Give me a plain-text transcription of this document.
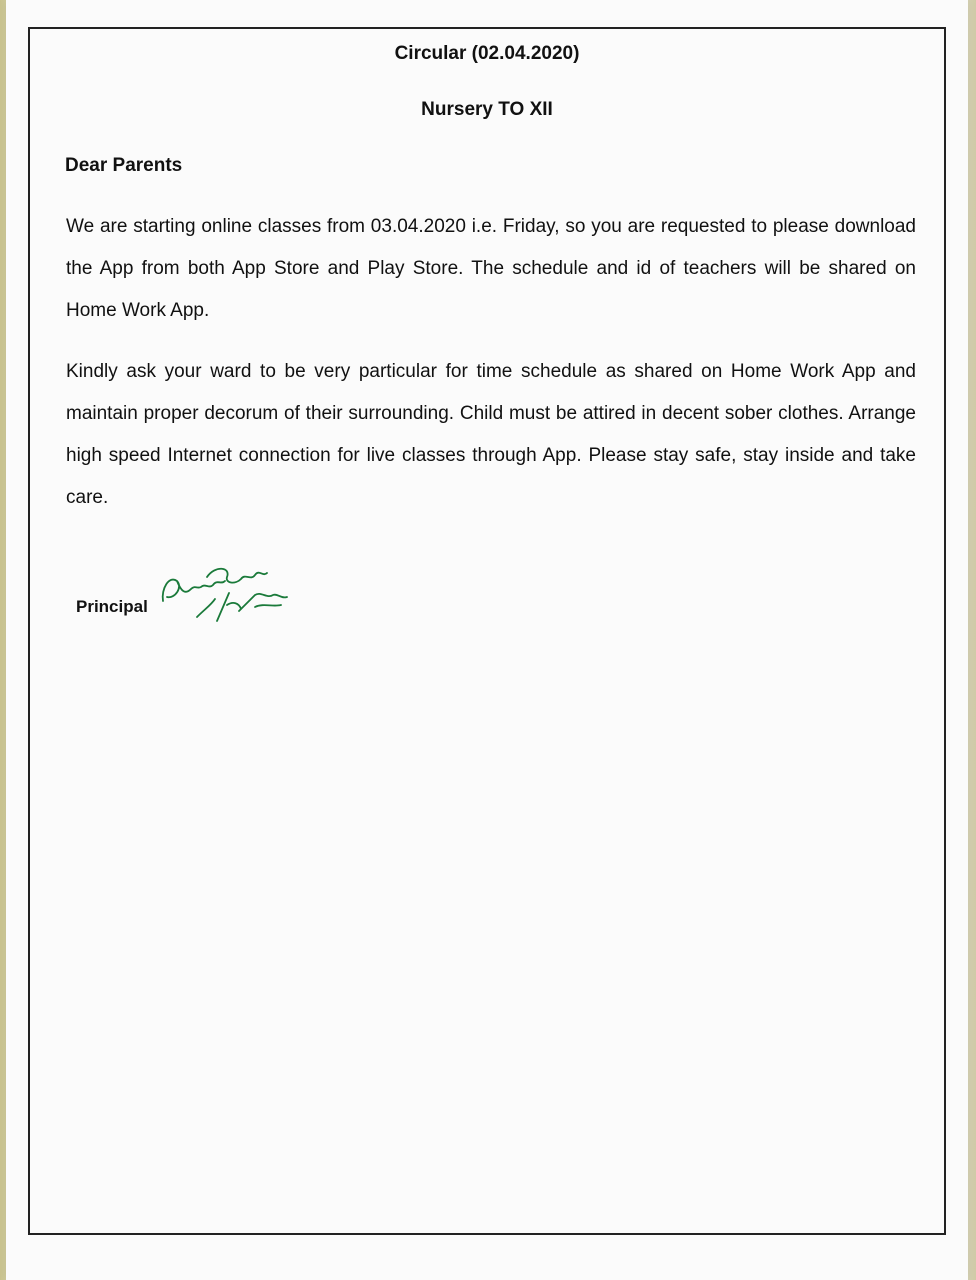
Circular (02.04.2020)
Nursery TO XII
Dear Parents
We are starting online classes from 03.04.2020 i.e. Friday, so you are requested to please download the App from both App Store and Play Store. The schedule and id of teachers will be shared on Home Work App.
Kindly ask your ward to be very particular for time schedule as shared on Home Work App and maintain proper decorum of their surrounding. Child must be attired in decent sober clothes. Arrange high speed Internet connection for live classes through App. Please stay safe, stay inside and take care.
Principal
